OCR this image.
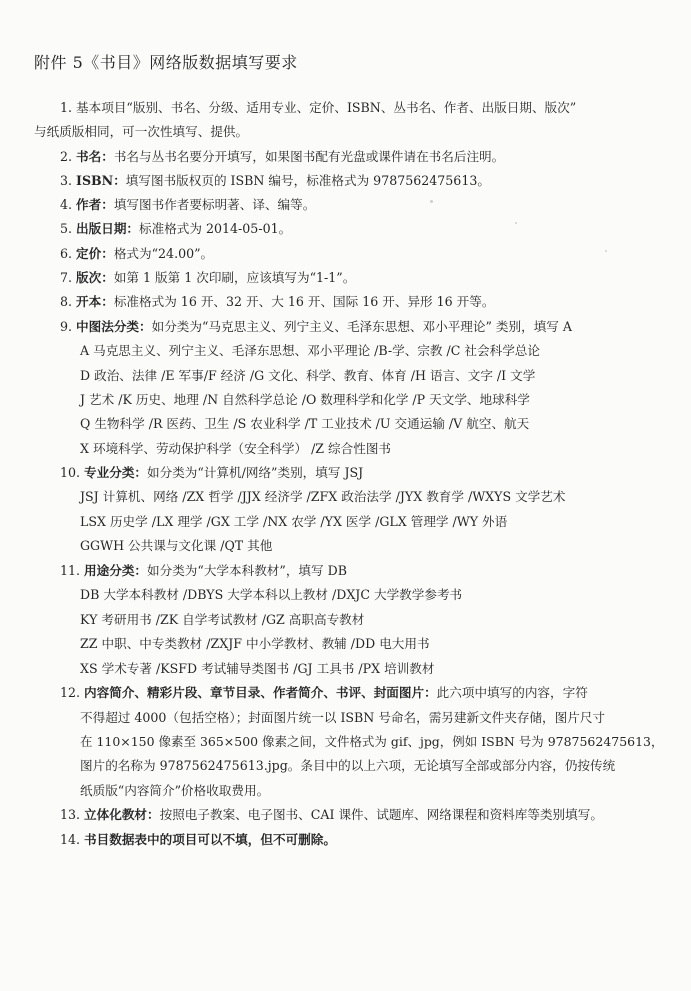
附件 5《书目》网络版数据填写要求
1. 基本项目“版别、书名、分级、适用专业、定价、ISBN、丛书名、作者、出版日期、版次”
与纸质版相同，可一次性填写、提供。
2. 书名：书名与丛书名要分开填写，如果图书配有光盘或课件请在书名后注明。
3. ISBN：填写图书版权页的 ISBN 编号，标准格式为 9787562475613。
4. 作者：填写图书作者要标明著、译、编等。
5. 出版日期：标准格式为 2014-05-01。
6. 定价：格式为“24.00”。
7. 版次：如第 1 版第 1 次印刷，应该填写为“1-1”。
8. 开本：标准格式为 16 开、32 开、大 16 开、国际 16 开、异形 16 开等。
9. 中图法分类：如分类为“马克思主义、列宁主义、毛泽东思想、邓小平理论” 类别，填写 A
A 马克思主义、列宁主义、毛泽东思想、邓小平理论 /B-学、宗教 /C 社会科学总论
D 政治、法律 /E 军事/F 经济 /G 文化、科学、教育、体育 /H 语言、文字 /I 文学
J 艺术 /K 历史、地理 /N 自然科学总论 /O 数理科学和化学 /P 天文学、地球科学
Q 生物科学 /R 医药、卫生 /S 农业科学 /T 工业技术 /U 交通运输 /V 航空、航天
X 环境科学、劳动保护科学（安全科学） /Z 综合性图书
10. 专业分类：如分类为“计算机/网络”类别，填写 JSJ
JSJ 计算机、网络 /ZX 哲学 /JJX 经济学 /ZFX 政治法学 /JYX 教育学 /WXYS 文学艺术
LSX 历史学 /LX 理学 /GX 工学 /NX 农学 /YX 医学 /GLX 管理学 /WY 外语
GGWH 公共课与文化课 /QT 其他
11. 用途分类：如分类为“大学本科教材”，填写 DB
DB 大学本科教材 /DBYS 大学本科以上教材 /DXJC 大学教学参考书
KY 考研用书 /ZK 自学考试教材 /GZ 高职高专教材
ZZ 中职、中专类教材 /ZXJF 中小学教材、教辅 /DD 电大用书
XS 学术专著 /KSFD 考试辅导类图书 /GJ 工具书 /PX 培训教材
12. 内容简介、精彩片段、章节目录、作者简介、书评、封面图片：此六项中填写的内容，字符
不得超过 4000（包括空格）；封面图片统一以 ISBN 号命名，需另建新文件夹存储，图片尺寸
在 110×150 像素至 365×500 像素之间，文件格式为 gif、jpg，例如 ISBN 号为 9787562475613，
图片的名称为 9787562475613.jpg。条目中的以上六项，无论填写全部或部分内容，仍按传统
纸质版“内容简介”价格收取费用。
13. 立体化教材：按照电子教案、电子图书、CAI 课件、试题库、网络课程和资料库等类别填写。
14. 书目数据表中的项目可以不填，但不可删除。
